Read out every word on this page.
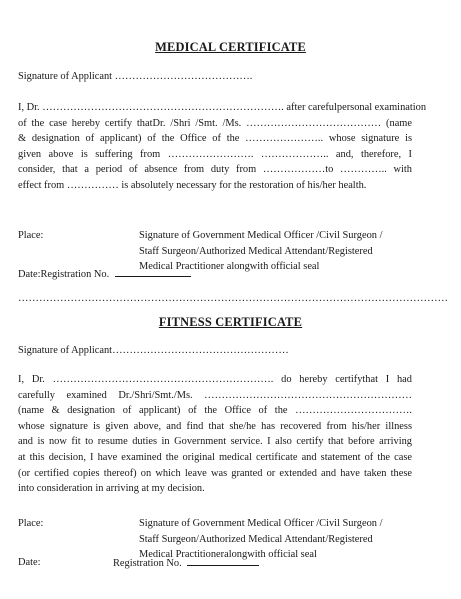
MEDICAL CERTIFICATE
Signature of Applicant ………………………………….
I, Dr. ……………………………………………………………. after carefulpersonal examination
of the case hereby certify thatDr. /Shri /Smt. /Ms. ………………………………… (name
& designation of applicant) of the Office of the ………………….. whose signature is
given above is suffering from ……………………. ……………….. and, therefore, I
consider, that a period of absence from duty from ………………to ………….. with
effect from …………… is absolutely necessary for the restoration of his/her health.
Place:	Signature of Government Medical Officer /Civil Surgeon /
Staff Surgeon/Authorized Medical Attendant/Registered
Medical Practitioner alongwith official seal
Date:Registration No.
……………………………………………………………………………………………………………
FITNESS CERTIFICATE
Signature of Applicant……………………………………………
I, Dr. ………………………………………………………. do hereby certifythat I had
carefully examined Dr./Shri/Smt./Ms. ……………………………………………………
(name & designation of applicant) of the Office of the …………………………….
whose signature is given above, and find that she/he has recovered from his/her illness
and is now fit to resume duties in Government service. I also certify that before arriving
at this decision, I have examined the original medical certificate and statement of the case
(or certified copies thereof) on which leave was granted or extended and have taken these
into consideration in arriving at my decision.
Place:	Signature of Government Medical Officer /Civil Surgeon /
Staff Surgeon/Authorized Medical Attendant/Registered
Medical Practitionеralongwith official seal
Date:	Registration No.
